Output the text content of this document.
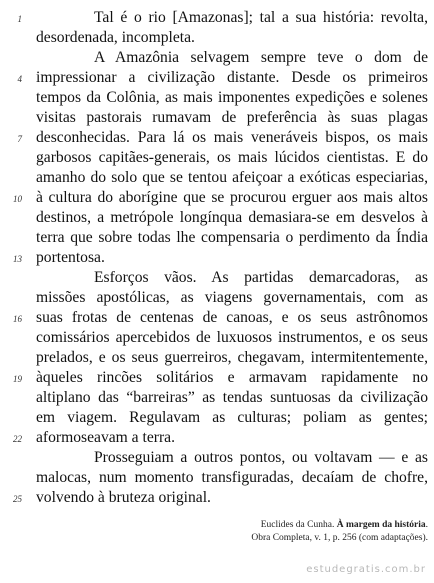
Tal é o rio [Amazonas]; tal a sua história: revolta,
desordenada, incompleta.
A Amazônia selvagem sempre teve o dom de
impressionar a civilização distante. Desde os primeiros
tempos da Colônia, as mais imponentes expedições e solenes
visitas pastorais rumavam de preferência às suas plagas
desconhecidas. Para lá os mais veneráveis bispos, os mais
garbosos capitães-generais, os mais lúcidos cientistas. E do
amanho do solo que se tentou afeiçoar a exóticas especiarias,
à cultura do aborígine que se procurou erguer aos mais altos
destinos, a metrópole longínqua demasiara-se em desvelos à
terra que sobre todas lhe compensaria o perdimento da Índia
portentosa.
Esforços vãos. As partidas demarcadoras, as
missões apostólicas, as viagens governamentais, com as
suas frotas de centenas de canoas, e os seus astrônomos
comissários apercebidos de luxuosos instrumentos, e os seus
prelados, e os seus guerreiros, chegavam, intermitentemente,
àqueles rincões solitários e armavam rapidamente no
altiplano das “barreiras” as tendas suntuosas da civilização
em viagem. Regulavam as culturas; poliam as gentes;
aformoseavam a terra.
Prosseguiam a outros pontos, ou voltavam — e as
malocas, num momento transfiguradas, decaíam de chofre,
volvendo à bruteza original.
1
4
7
10
13
16
19
22
25
Euclides da Cunha. À margem da história.
Obra Completa, v. 1, p. 256 (com adaptações).
estudegratis.com.br
